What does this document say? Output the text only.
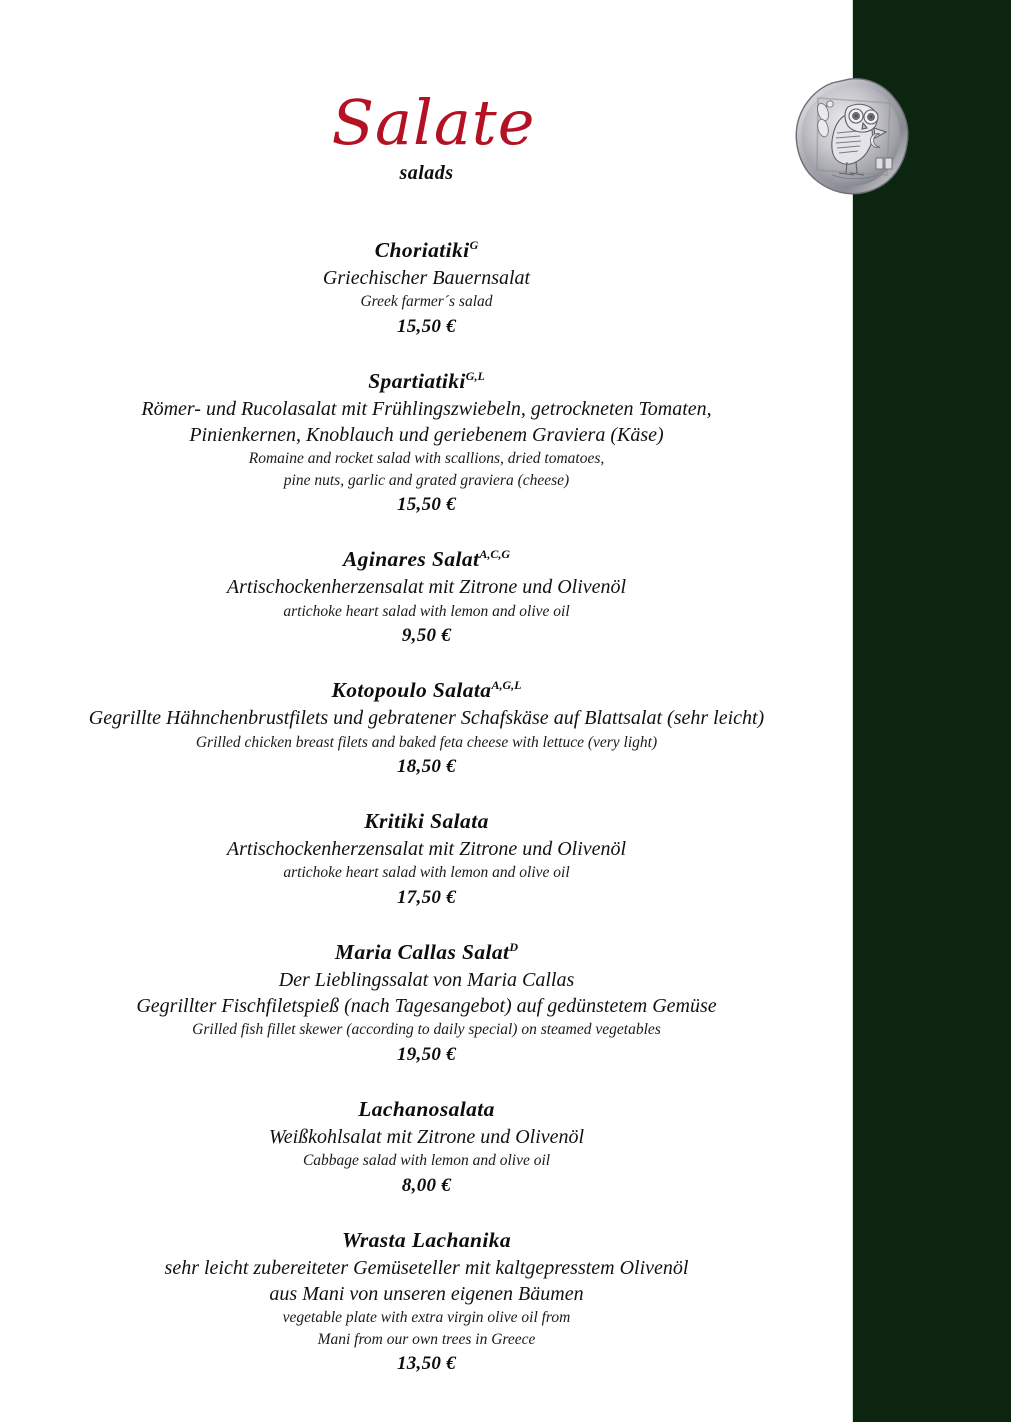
Salate
salads
Choriatiki$^G$
Griechischer Bauernsalat
Greek farmer´s salad
15,50 €
Spartiatiki$^{G,L}$
Römer- und Rucolasalat mit Frühlingszwiebeln, getrockneten Tomaten,
Pinienkernen, Knoblauch und geriebenem Graviera (Käse)
Romaine and rocket salad with scallions, dried tomatoes,
pine nuts, garlic and grated graviera (cheese)
15,50 €
Aginares Salat$^{A,C,G}$
Artischockenherzensalat mit Zitrone und Olivenöl
artichoke heart salad with lemon and olive oil
9,50 €
Kotopoulo Salata$^{A,G,L}$
Gegrillte Hähnchenbrustfilets und gebratener Schafskäse auf Blattsalat (sehr leicht)
Grilled chicken breast filets and baked feta cheese with lettuce (very light)
18,50 €
Kritiki Salata
Artischockenherzensalat mit Zitrone und Olivenöl
artichoke heart salad with lemon and olive oil
17,50 €
Maria Callas Salat$^D$
Der Lieblingssalat von Maria Callas
Gegrillter Fischfiletspieß (nach Tagesangebot) auf gedünstetem Gemüse
Grilled fish fillet skewer (according to daily special) on steamed vegetables
19,50 €
Lachanosalata
Weißkohlsalat mit Zitrone und Olivenöl
Cabbage salad with lemon and olive oil
8,00 €
Wrasta Lachanika
sehr leicht zubereiteter Gemüseteller mit kaltgepresstem Olivenöl
aus Mani von unseren eigenen Bäumen
vegetable plate with extra virgin olive oil from
Mani from our own trees in Greece
13,50 €
